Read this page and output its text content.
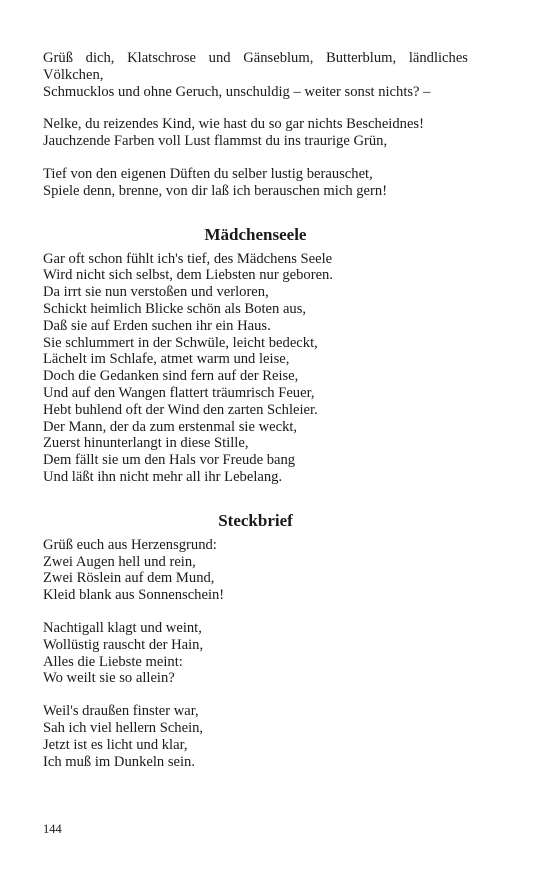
Grüß dich, Klatschrose und Gänseblum, Butterblum, ländliches
Völkchen,
Schmucklos und ohne Geruch, unschuldig – weiter sonst nichts? –
Nelke, du reizendes Kind, wie hast du so gar nichts Bescheidnes!
Jauchzende Farben voll Lust flammst du ins traurige Grün,
Tief von den eigenen Düften du selber lustig berauschet,
Spiele denn, brenne, von dir laß ich berauschen mich gern!
Mädchenseele
Gar oft schon fühlt ich's tief, des Mädchens Seele
Wird nicht sich selbst, dem Liebsten nur geboren.
Da irrt sie nun verstoßen und verloren,
Schickt heimlich Blicke schön als Boten aus,
Daß sie auf Erden suchen ihr ein Haus.
Sie schlummert in der Schwüle, leicht bedeckt,
Lächelt im Schlafe, atmet warm und leise,
Doch die Gedanken sind fern auf der Reise,
Und auf den Wangen flattert träumrisch Feuer,
Hebt buhlend oft der Wind den zarten Schleier.
Der Mann, der da zum erstenmal sie weckt,
Zuerst hinunterlangt in diese Stille,
Dem fällt sie um den Hals vor Freude bang
Und läßt ihn nicht mehr all ihr Lebelang.
Steckbrief
Grüß euch aus Herzensgrund:
Zwei Augen hell und rein,
Zwei Röslein auf dem Mund,
Kleid blank aus Sonnenschein!
Nachtigall klagt und weint,
Wollüstig rauscht der Hain,
Alles die Liebste meint:
Wo weilt sie so allein?
Weil's draußen finster war,
Sah ich viel hellern Schein,
Jetzt ist es licht und klar,
Ich muß im Dunkeln sein.
144
